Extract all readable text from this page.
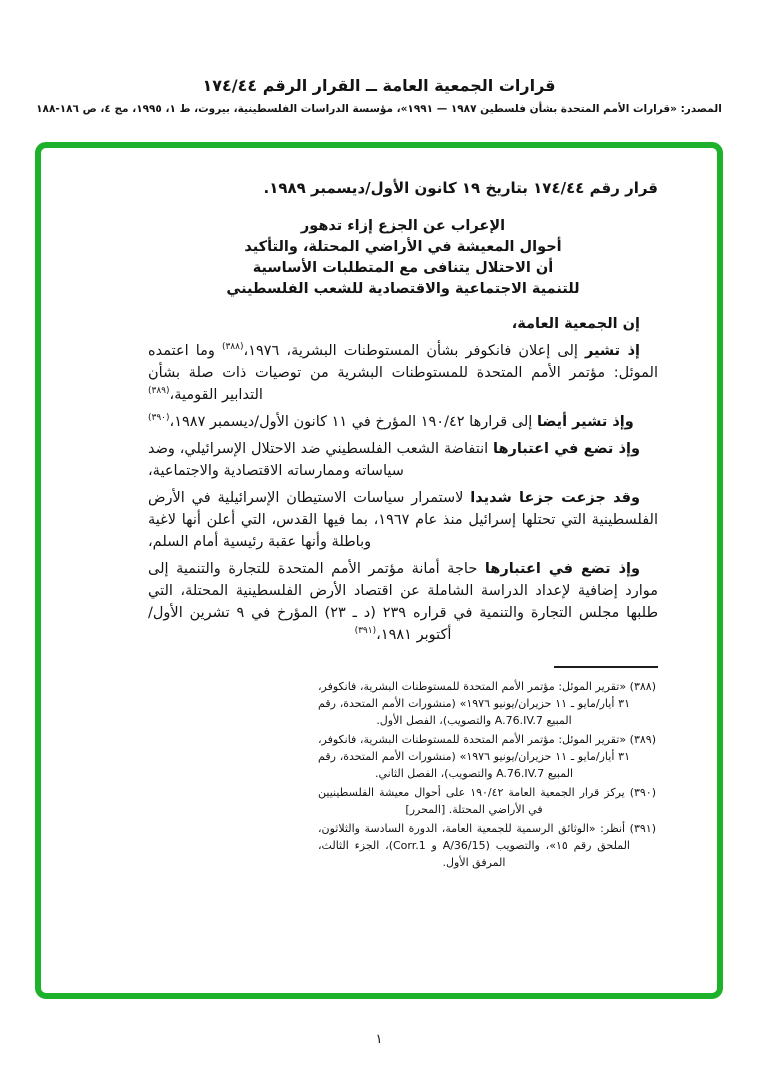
قرارات الجمعية العامة ــ القرار الرقم ١٧٤/٤٤
المصدر: «قرارات الأمم المتحدة بشأن فلسطين ١٩٨٧ — ١٩٩١»، مؤسسة الدراسات الفلسطينية، بيروت، ط ١، ١٩٩٥، مج ٤، ص ١٨٦-١٨٨

قرار رقم ١٧٤/٤٤ بتاريخ ١٩ كانون الأول/ديسمبر ١٩٨٩.

الإعراب عن الجزع إزاء تدهور
أحوال المعيشة في الأراضي المحتلة، والتأكيد
أن الاحتلال يتنافى مع المتطلبات الأساسية
للتنمية الاجتماعية والاقتصادية للشعب الفلسطيني

إن الجمعية العامة،

إذ تشير إلى إعلان فانكوفر بشأن المستوطنات البشرية، ١٩٧٦،$^{(٣٨٨)}$ وما اعتمده الموئل: مؤتمر الأمم المتحدة للمستوطنات البشرية من توصيات ذات صلة بشأن التدابير القومية،$^{(٣٨٩)}$

وإذ تشير أيضا إلى قرارها ١٩٠/٤٢ المؤرخ في ١١ كانون الأول/ديسمبر ١٩٨٧،$^{(٣٩٠)}$

وإذ تضع في اعتبارها انتفاضة الشعب الفلسطيني ضد الاحتلال الإسرائيلي، وضد سياساته وممارساته الاقتصادية والاجتماعية،

وقد جزعت جزعا شديدا لاستمرار سياسات الاستيطان الإسرائيلية في الأرض الفلسطينية التي تحتلها إسرائيل منذ عام ١٩٦٧، بما فيها القدس، التي أعلن أنها لاغية وباطلة وأنها عقبة رئيسية أمام السلم،

وإذ تضع في اعتبارها حاجة أمانة مؤتمر الأمم المتحدة للتجارة والتنمية إلى موارد إضافية لإعداد الدراسة الشاملة عن اقتصاد الأرض الفلسطينية المحتلة، التي طلبها مجلس التجارة والتنمية في قراره ٢٣٩ (د ـ ٢٣) المؤرخ في ٩ تشرين الأول/أكتوبر ١٩٨١،$^{(٣٩١)}$

(٣٨٨) «تقرير الموئل: مؤتمر الأمم المتحدة للمستوطنات البشرية، فانكوفر، ٣١ أيار/مايو ـ ١١ حزيران/يونيو ١٩٧٦» (منشورات الأمم المتحدة، رقم المبيع A.76.IV.7 والتصويب)، الفصل الأول.

(٣٨٩) «تقرير الموئل: مؤتمر الأمم المتحدة للمستوطنات البشرية، فانكوفر، ٣١ أيار/مايو ـ ١١ حزيران/يونيو ١٩٧٦» (منشورات الأمم المتحدة، رقم المبيع A.76.IV.7 والتصويب)، الفصل الثاني.

(٣٩٠) يركز قرار الجمعية العامة ١٩٠/٤٢ على أحوال معيشة الفلسطينيين في الأراضي المحتلة. [المحرر]

(٣٩١) أنظر: «الوثائق الرسمية للجمعية العامة، الدورة السادسة والثلاثون، الملحق رقم ١٥»، والتصويب (A/36/15 و Corr.1)، الجزء الثالث، المرفق الأول.

١
